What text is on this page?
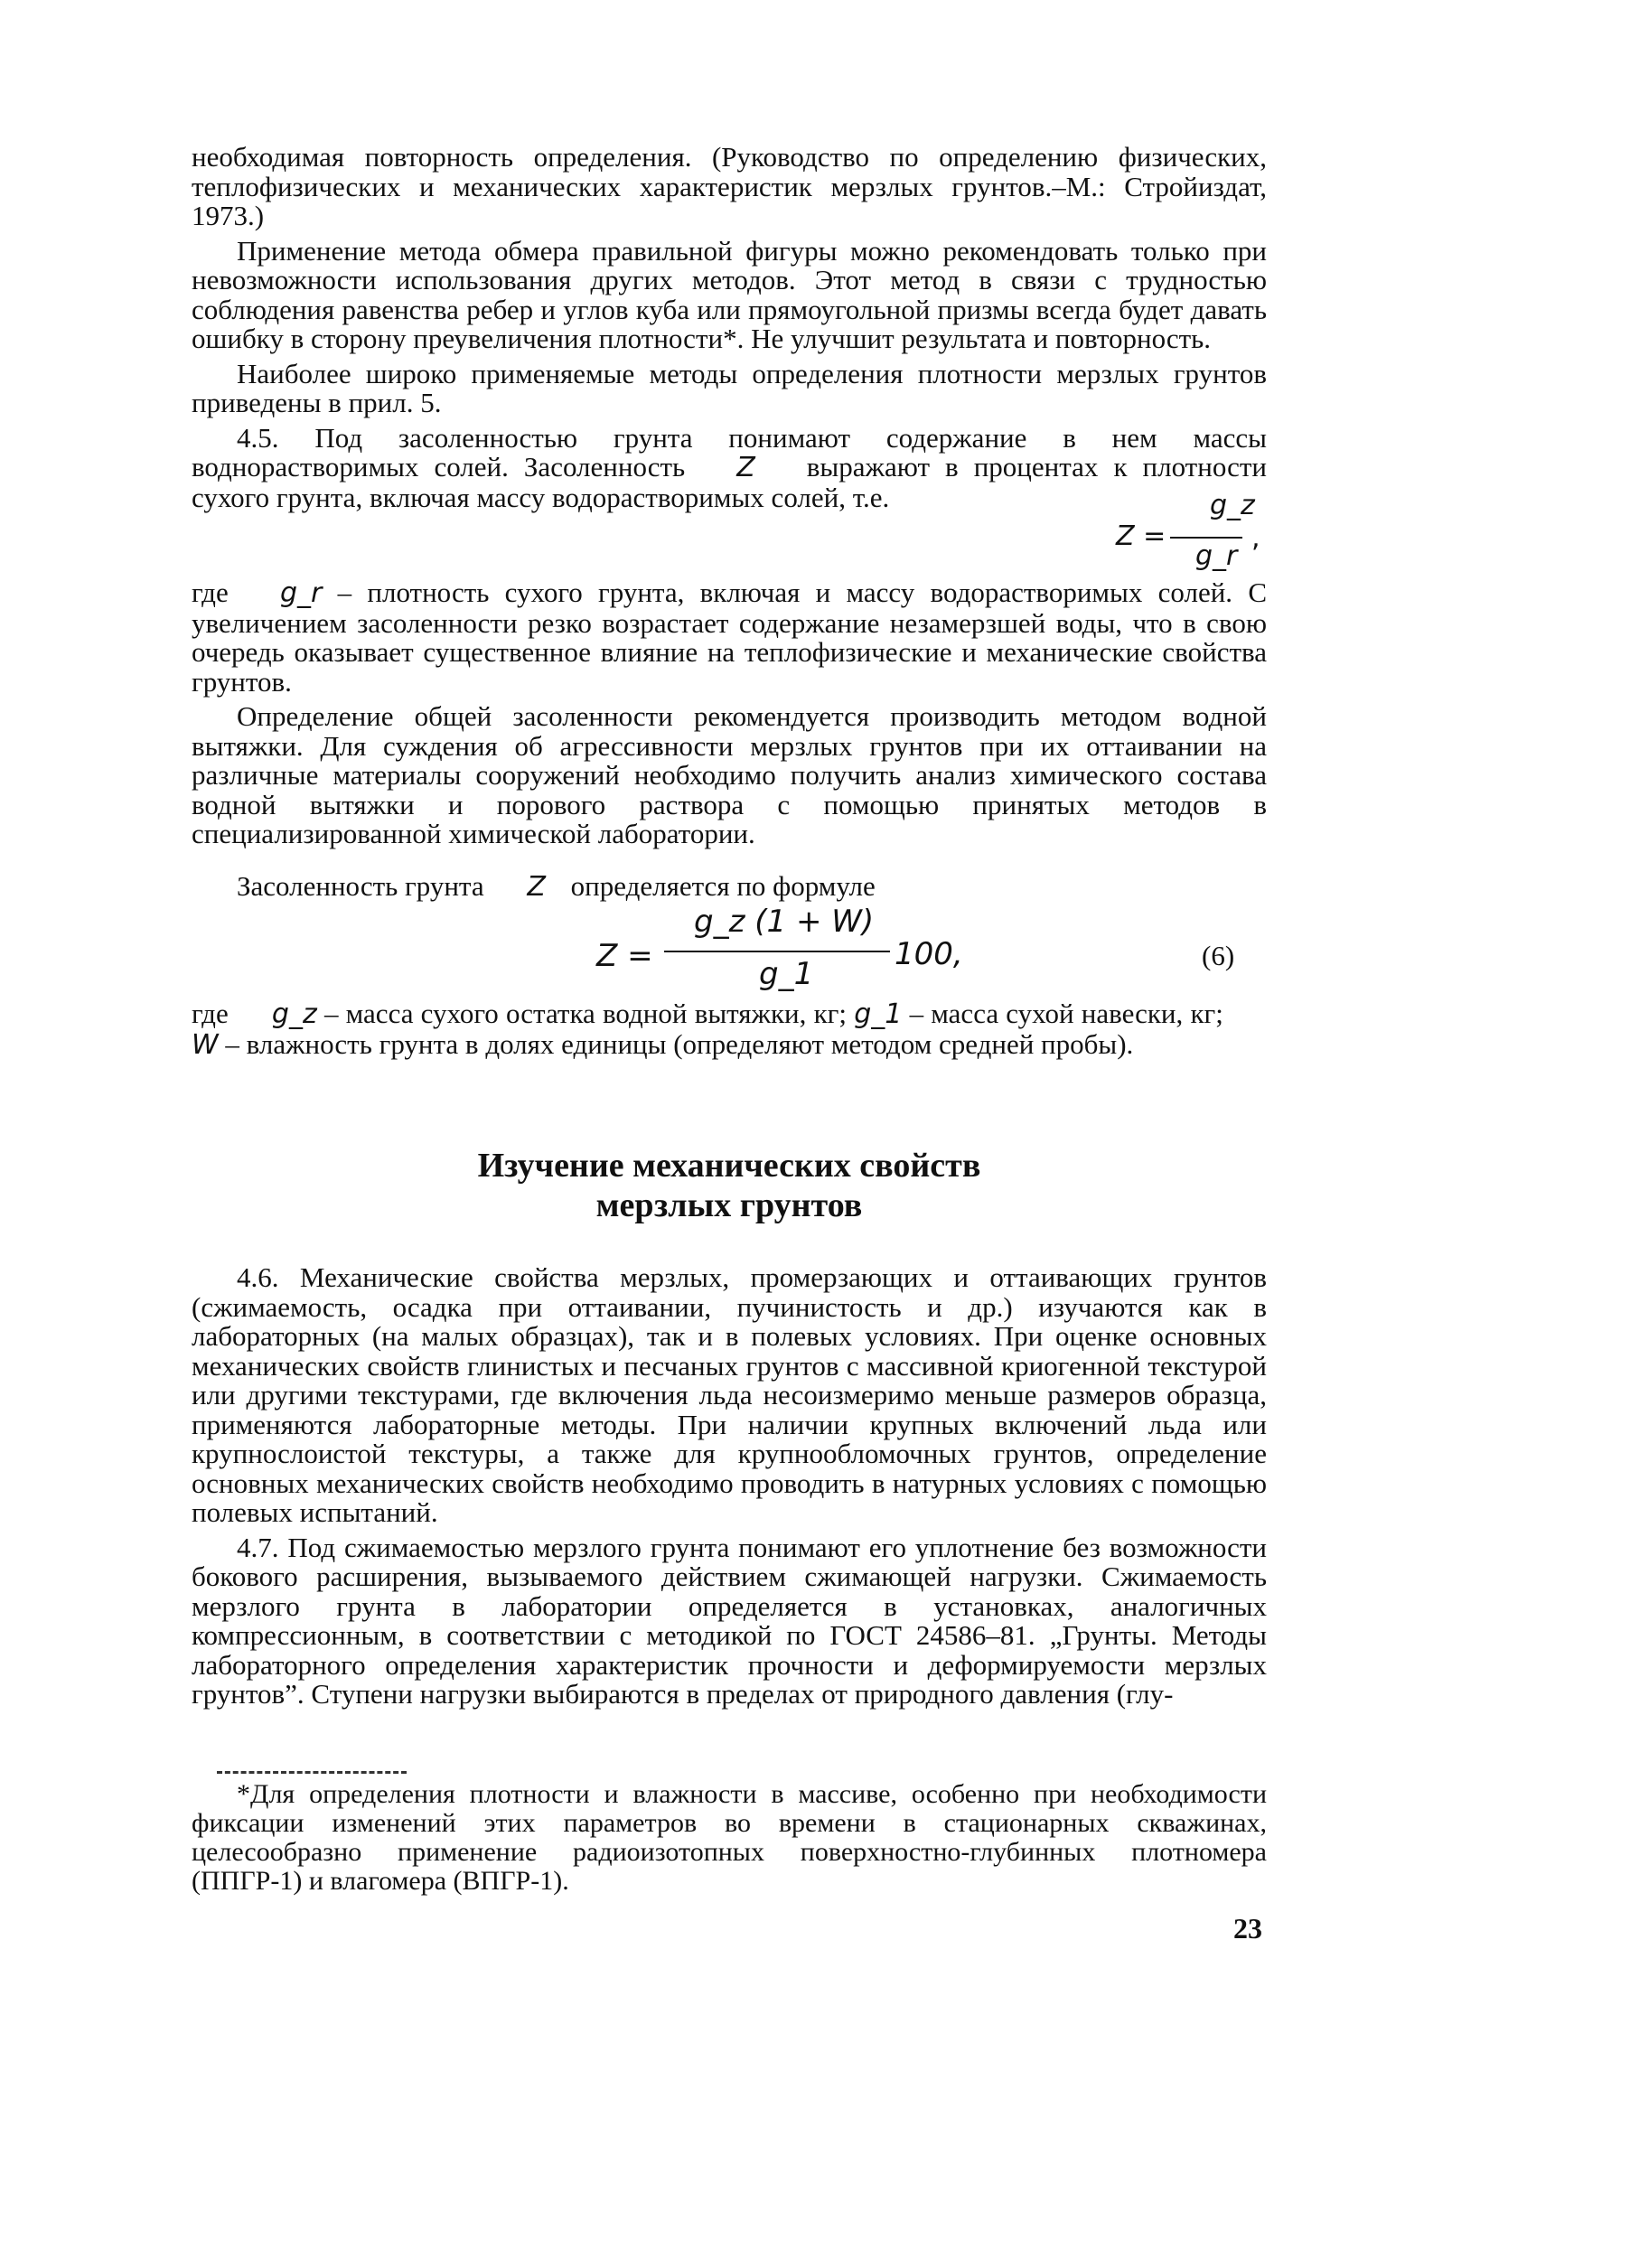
необходимая повторность определения. (Руководство по определению физических, теплофизических и механических характеристик мерзлых грунтов.–М.: Стройиздат, 1973.)

Применение метода обмера правильной фигуры можно рекомендовать только при невозможности использования других методов. Этот метод в связи с трудностью соблюдения равенства ребер и углов куба или прямоугольной призмы всегда будет давать ошибку в сторону преувеличения плотности*. Не улучшит результата и повторность.

Наиболее широко применяемые методы определения плотности мерзлых грунтов приведены в прил. 5.

4.5. Под засоленностью грунта понимают содержание в нем массы воднорастворимых солей. Засоленность Z выражают в процентах к плотности сухого грунта, включая массу водорастворимых солей, т.е.	g_z
Z =
g_r
,

где g_r – плотность сухого грунта, включая и массу водорастворимых солей. С увеличением засоленности резко возрастает содержание незамерзшей воды, что в свою очередь оказывает существенное влияние на теплофизические и механические свойства грунтов.

Определение общей засоленности рекомендуется производить методом водной вытяжки. Для суждения об агрессивности мерзлых грунтов при их оттаивании на различные материалы сооружений необходимо получить анализ химического состава водной вытяжки и порового раствора с помощью принятых методов в специализированной химической лаборатории.

Засоленность грунта Z определяется по формуле
Z =
g_z (1 + W)
g_1
100,	(6)

где g_z – масса сухого остатка водной вытяжки, кг; g_1 – масса сухой навески, кг; W – влажность грунта в долях единицы (определяют методом средней пробы).

Изучение механических свойств
мерзлых грунтов

4.6. Механические свойства мерзлых, промерзающих и оттаивающих грунтов (сжимаемость, осадка при оттаивании, пучинистость и др.) изучаются как в лабораторных (на малых образцах), так и в полевых условиях. При оценке основных механических свойств глинистых и песчаных грунтов с массивной криогенной текстурой или другими текстурами, где включения льда несоизмеримо меньше размеров образца, применяются лабораторные методы. При наличии крупных включений льда или крупнослоистой текстуры, а также для крупнообломочных грунтов, определение основных механических свойств необходимо проводить в натурных условиях с помощью полевых испытаний.

4.7. Под сжимаемостью мерзлого грунта понимают его уплотнение без возможности бокового расширения, вызываемого действием сжимающей нагрузки. Сжимаемость мерзлого грунта в лаборатории определяется в установках, аналогичных компрессионным, в соответствии с методикой по ГОСТ 24586–81. „Грунты. Методы лабораторного определения характеристик прочности и деформируемости мерзлых грунтов”. Ступени нагрузки выбираются в пределах от природного давления (глу-

*Для определения плотности и влажности в массиве, особенно при необходимости фиксации изменений этих параметров во времени в стационарных скважинах, целесообразно применение радиоизотопных поверхностно-глубинных плотномера (ППГР-1) и влагомера (ВПГР-1).

23
